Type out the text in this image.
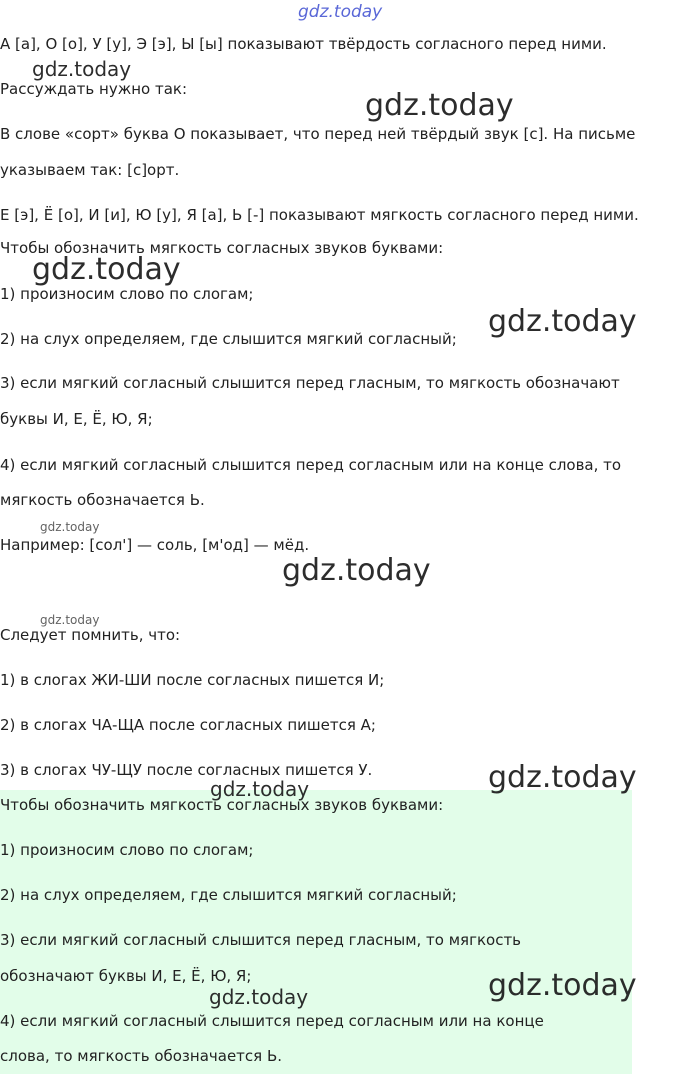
А [а], О [о], У [у], Э [э], Ы [ы] показывают твёрдость согласного перед ними.
Рассуждать нужно так:
В слове «сорт» буква О показывает, что перед ней твёрдый звук [с]. На письме
указываем так: [с]орт.
Е [э], Ё [о], И [и], Ю [у], Я [а], Ь [-] показывают мягкость согласного перед ними.
Чтобы обозначить мягкость согласных звуков буквами:
1) произносим слово по слогам;
2) на слух определяем, где слышится мягкий согласный;
3) если мягкий согласный слышится перед гласным, то мягкость обозначают
буквы И, Е, Ё, Ю, Я;
4) если мягкий согласный слышится перед согласным или на конце слова, то
мягкость обозначается Ь.
Например: [сол'] — соль, [м'од] — мёд.
Следует помнить, что:
1) в слогах ЖИ-ШИ после согласных пишется И;
2) в слогах ЧА-ЩА после согласных пишется А;
3) в слогах ЧУ-ЩУ после согласных пишется У.
Чтобы обозначить мягкость согласных звуков буквами:
1) произносим слово по слогам;
2) на слух определяем, где слышится мягкий согласный;
3) если мягкий согласный слышится перед гласным, то мягкость
обозначают буквы И, Е, Ё, Ю, Я;
4) если мягкий согласный слышится перед согласным или на конце
слова, то мягкость обозначается Ь.
gdz.today
gdz.today
gdz.today
gdz.today
gdz.today
gdz.today
gdz.today
gdz.today
gdz.today
gdz.today
gdz.today
gdz.today
